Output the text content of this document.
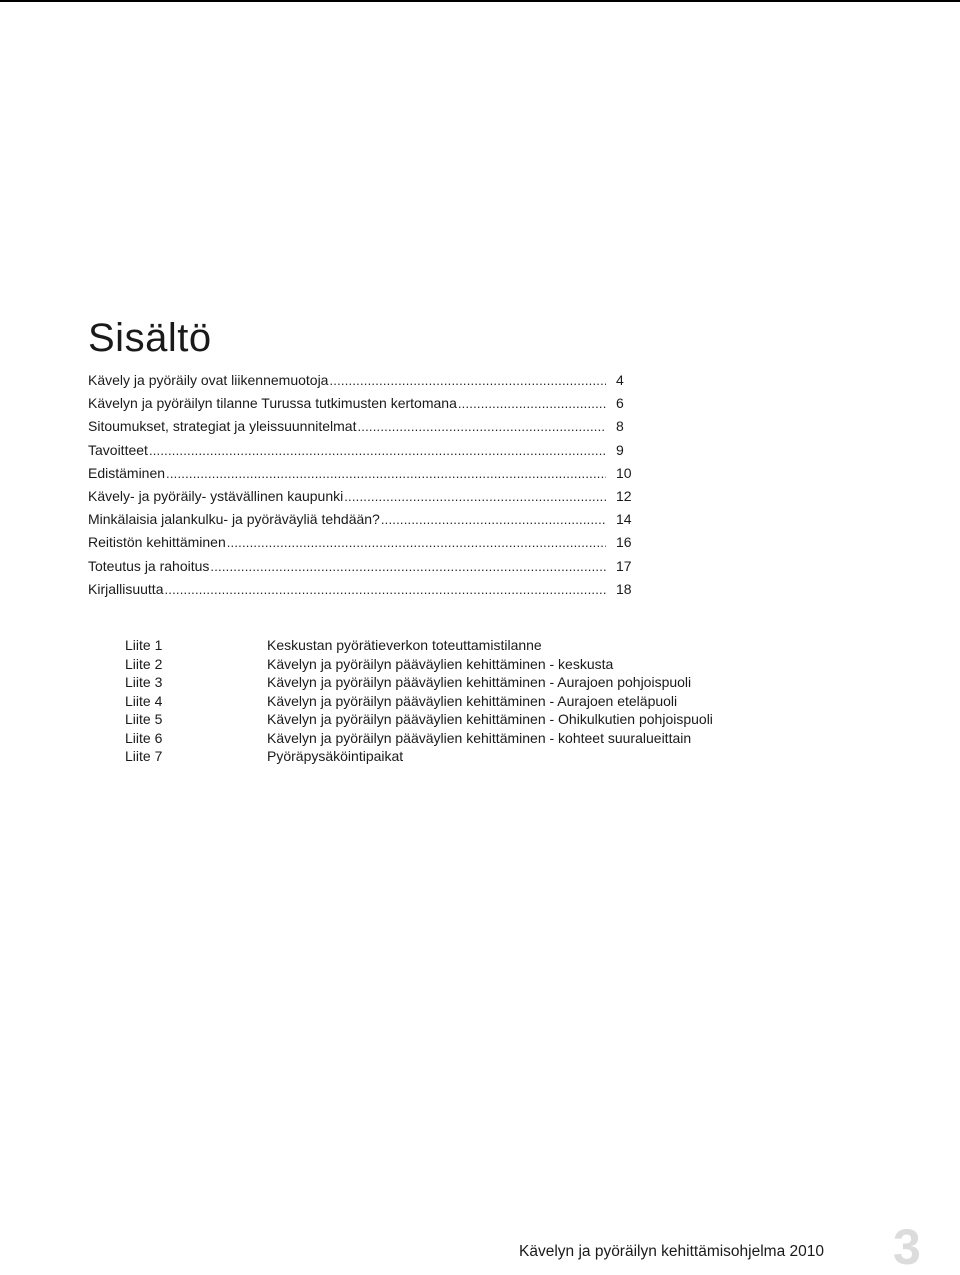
Sisältö
Kävely ja pyöräily ovat liikennemuotoja .....	4
Kävelyn ja pyöräilyn tilanne Turussa tutkimusten kertomana .....	6
Sitoumukset, strategiat ja yleissuunnitelmat .....	8
Tavoitteet .....	9
Edistäminen .....	10
Kävely- ja pyöräily- ystävällinen kaupunki .....	12
Minkälaisia jalankulku- ja pyöräväyliä tehdään? .....	14
Reitistön kehittäminen .....	16
Toteutus ja rahoitus .....	17
Kirjallisuutta .....	18
Liite 1	Keskustan pyörätieverkon toteuttamistilanne
Liite 2	Kävelyn ja pyöräilyn pääväylien kehittäminen - keskusta
Liite 3	Kävelyn ja pyöräilyn pääväylien kehittäminen - Aurajoen pohjoispuoli
Liite 4	Kävelyn ja pyöräilyn pääväylien kehittäminen - Aurajoen eteläpuoli
Liite 5	Kävelyn ja pyöräilyn pääväylien kehittäminen - Ohikulkutien pohjoispuoli
Liite 6	Kävelyn ja pyöräilyn pääväylien kehittäminen - kohteet suuralueittain
Liite 7	Pyöräpysäköintipaikat
Kävelyn ja pyöräilyn kehittämisohjelma 2010 3
